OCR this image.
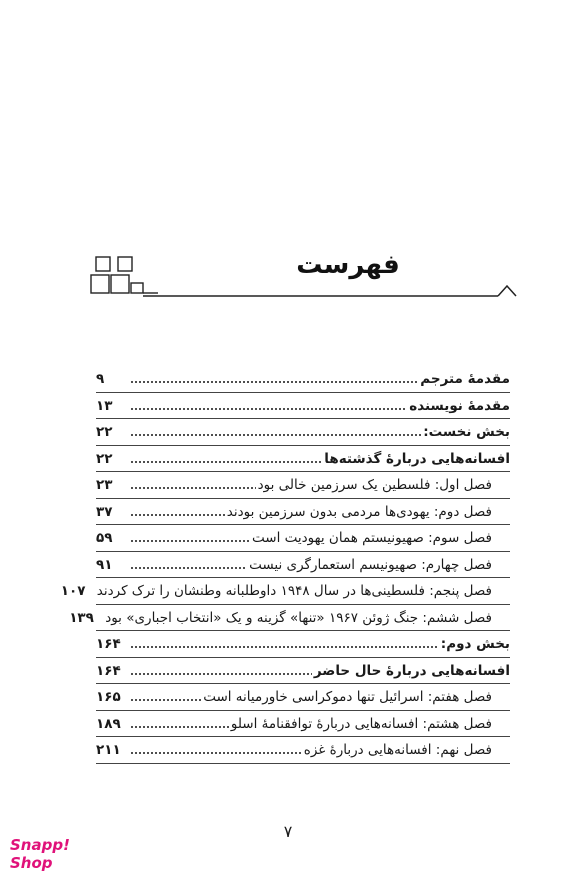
فهرست
مقدمهٔ مترجم
۹
مقدمهٔ نویسنده
۱۳
بخش نخست:
۲۲
افسانه‌هایی دربارهٔ گذشته‌ها
۲۲
فصل اول: فلسطین یک سرزمین خالی بود
۲۳
فصل دوم: یهودی‌ها مردمی بدون سرزمین بودند
۳۷
فصل سوم: صهیونیستم همان یهودیت است
۵۹
فصل چهارم: صهیونیسم استعمارگری نیست
۹۱
فصل پنجم: فلسطینی‌ها در سال ۱۹۴۸ داوطلبانه وطنشان را ترک کردند
۱۰۷
فصل ششم: جنگ ژوئن ۱۹۶۷ «تنها» گزینه و یک «انتخاب اجباری» بود
۱۳۹
بخش دوم:
۱۶۴
افسانه‌هایی دربارهٔ حال حاضر
۱۶۴
فصل هفتم: اسرائیل تنها دموکراسی خاورمیانه است
۱۶۵
فصل هشتم: افسانه‌هایی دربارهٔ توافقنامهٔ اسلو
۱۸۹
فصل نهم: افسانه‌هایی دربارهٔ غزه
۲۱۱
۷
Snapp!
Shop
